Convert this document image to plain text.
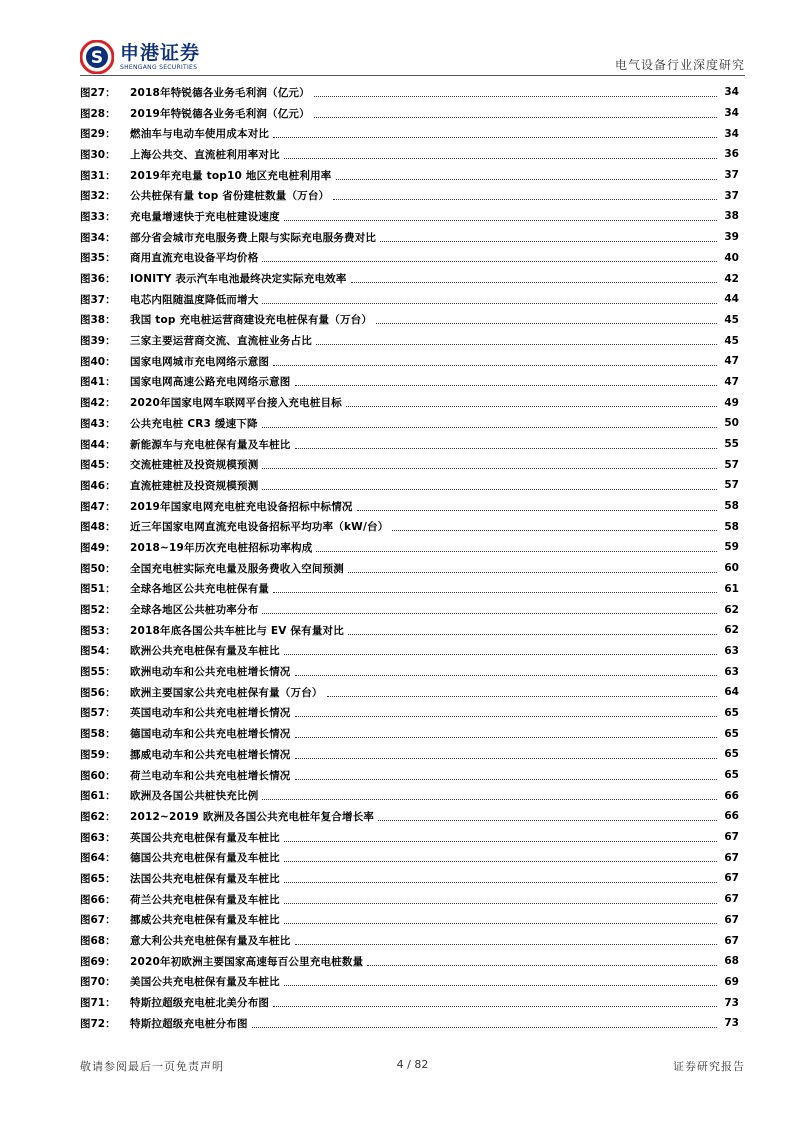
S 申港证券
SHENGANG SECURITIES	电气设备行业深度研究
图27：	2018年特锐德各业务毛利润（亿元）	34
图28：	2019年特锐德各业务毛利润（亿元）	34
图29：	燃油车与电动车使用成本对比	34
图30：	上海公共交、直流桩利用率对比	36
图31：	2019年充电量 top10 地区充电桩利用率	37
图32：	公共桩保有量 top 省份建桩数量（万台）	37
图33：	充电量增速快于充电桩建设速度	38
图34：	部分省会城市充电服务费上限与实际充电服务费对比	39
图35：	商用直流充电设备平均价格	40
图36：	IONITY 表示汽车电池最终决定实际充电效率	42
图37：	电芯内阻随温度降低而增大	44
图38：	我国 top 充电桩运营商建设充电桩保有量（万台）	45
图39：	三家主要运营商交流、直流桩业务占比	45
图40：	国家电网城市充电网络示意图	47
图41：	国家电网高速公路充电网络示意图	47
图42：	2020年国家电网车联网平台接入充电桩目标	49
图43：	公共充电桩 CR3 缓速下降	50
图44：	新能源车与充电桩保有量及车桩比	55
图45：	交流桩建桩及投资规模预测	57
图46：	直流桩建桩及投资规模预测	57
图47：	2019年国家电网充电桩充电设备招标中标情况	58
图48：	近三年国家电网直流充电设备招标平均功率（kW/台）	58
图49：	2018~19年历次充电桩招标功率构成	59
图50：	全国充电桩实际充电量及服务费收入空间预测	60
图51：	全球各地区公共充电桩保有量	61
图52：	全球各地区公共桩功率分布	62
图53：	2018年底各国公共车桩比与 EV 保有量对比	62
图54：	欧洲公共充电桩保有量及车桩比	63
图55：	欧洲电动车和公共充电桩增长情况	63
图56：	欧洲主要国家公共充电桩保有量（万台）	64
图57：	英国电动车和公共充电桩增长情况	65
图58：	德国电动车和公共充电桩增长情况	65
图59：	挪威电动车和公共充电桩增长情况	65
图60：	荷兰电动车和公共充电桩增长情况	65
图61：	欧洲及各国公共桩快充比例	66
图62：	2012~2019 欧洲及各国公共充电桩年复合增长率	66
图63：	英国公共充电桩保有量及车桩比	67
图64：	德国公共充电桩保有量及车桩比	67
图65：	法国公共充电桩保有量及车桩比	67
图66：	荷兰公共充电桩保有量及车桩比	67
图67：	挪威公共充电桩保有量及车桩比	67
图68：	意大利公共充电桩保有量及车桩比	67
图69：	2020年初欧洲主要国家高速每百公里充电桩数量	68
图70：	美国公共充电桩保有量及车桩比	69
图71：	特斯拉超级充电桩北美分布图	73
图72：	特斯拉超级充电桩分布图	73
敬请参阅最后一页免责声明	4 / 82	证券研究报告
